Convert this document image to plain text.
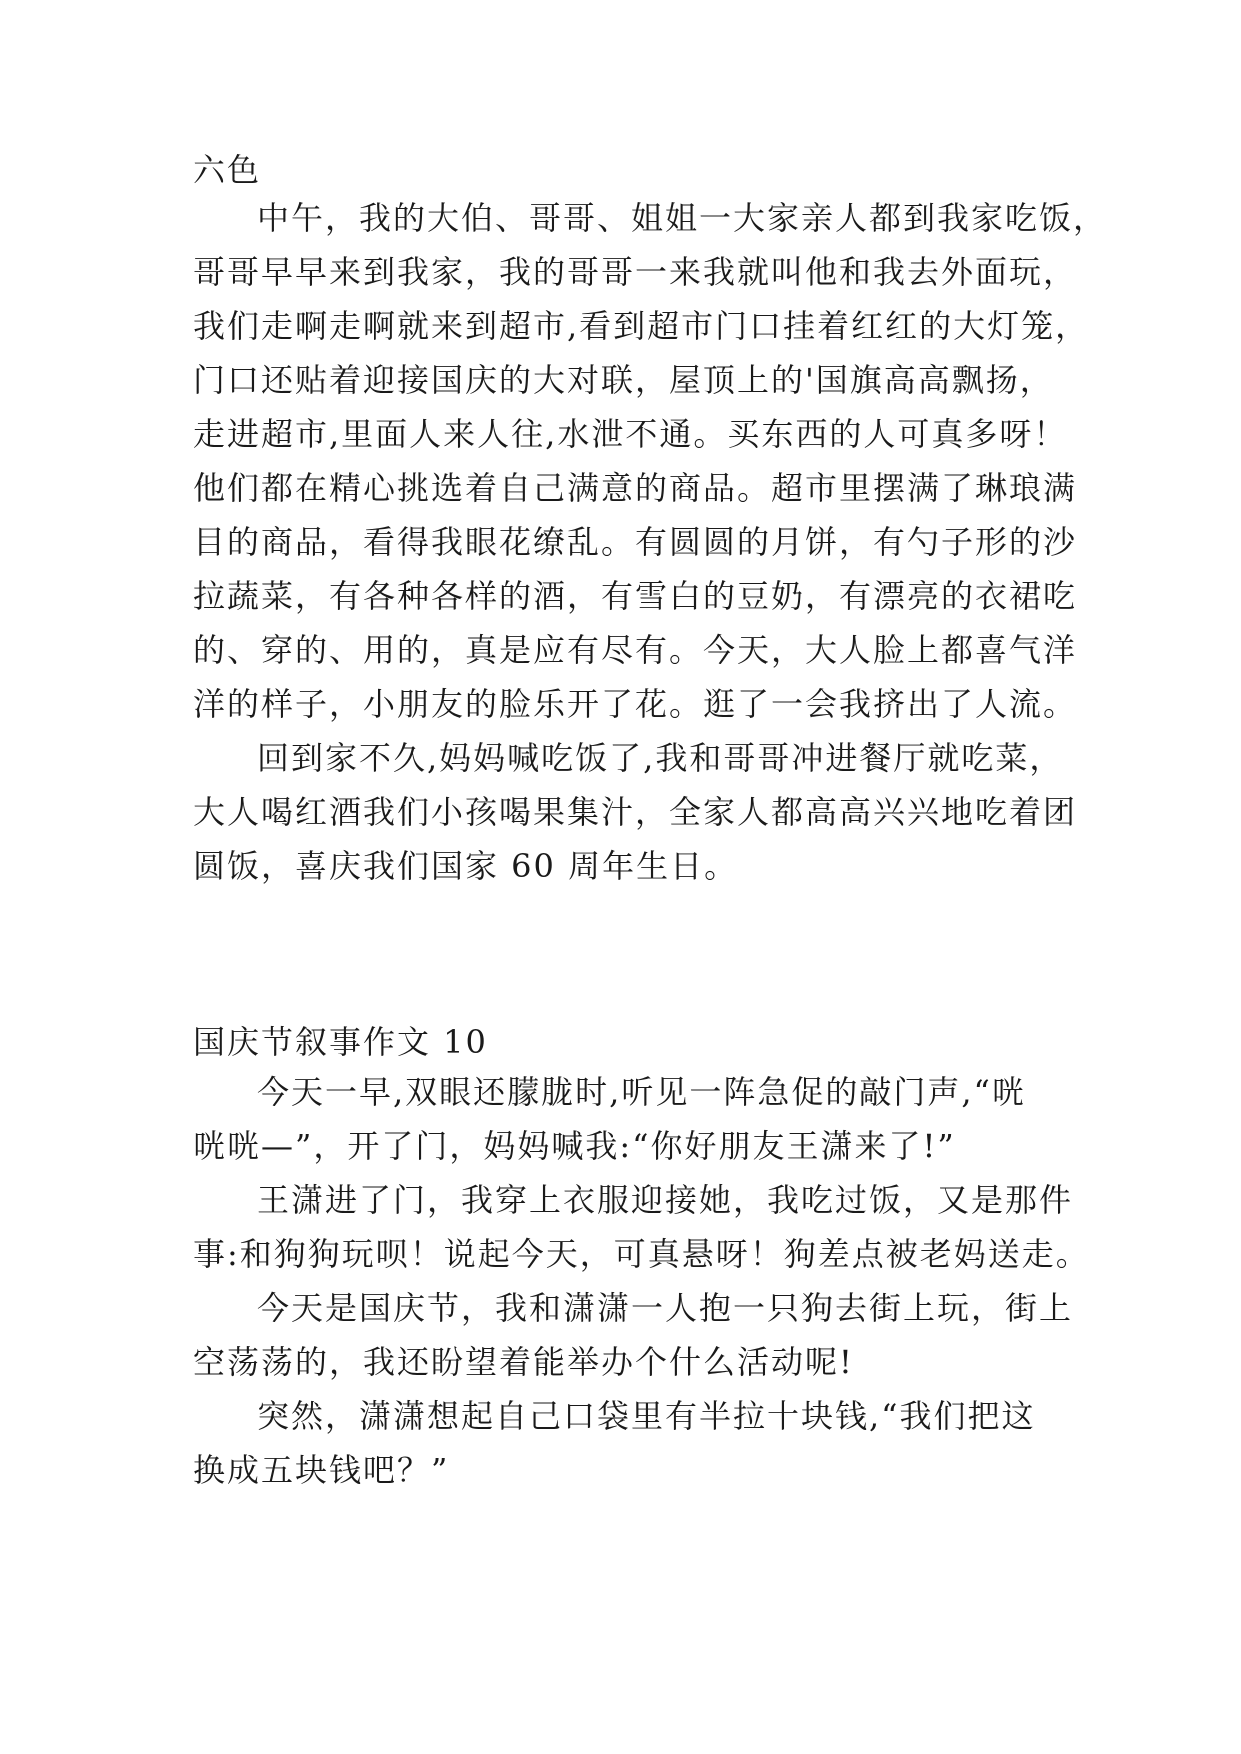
六色
中午，我的大伯、哥哥、姐姐一大家亲人都到我家吃饭，
哥哥早早来到我家，我的哥哥一来我就叫他和我去外面玩，
我们走啊走啊就来到超市,看到超市门口挂着红红的大灯笼，
门口还贴着迎接国庆的大对联，屋顶上的'国旗高高飘扬，
走进超市,里面人来人往,水泄不通。买东西的人可真多呀！
他们都在精心挑选着自己满意的商品。超市里摆满了琳琅满
目的商品，看得我眼花缭乱。有圆圆的月饼，有勺子形的沙
拉蔬菜，有各种各样的酒，有雪白的豆奶，有漂亮的衣裙吃
的、穿的、用的，真是应有尽有。今天，大人脸上都喜气洋
洋的样子，小朋友的脸乐开了花。逛了一会我挤出了人流。
回到家不久,妈妈喊吃饭了,我和哥哥冲进餐厅就吃菜，
大人喝红酒我们小孩喝果集汁，全家人都高高兴兴地吃着团
圆饭，喜庆我们国家 60 周年生日。
国庆节叙事作文 10
今天一早,双眼还朦胧时,听见一阵急促的敲门声,“咣
咣咣—”，开了门，妈妈喊我:“你好朋友王潇来了!”
王潇进了门，我穿上衣服迎接她，我吃过饭，又是那件
事:和狗狗玩呗！说起今天，可真悬呀！狗差点被老妈送走。
今天是国庆节，我和潇潇一人抱一只狗去街上玩，街上
空荡荡的，我还盼望着能举办个什么活动呢!
突然，潇潇想起自己口袋里有半拉十块钱,“我们把这
换成五块钱吧？”
